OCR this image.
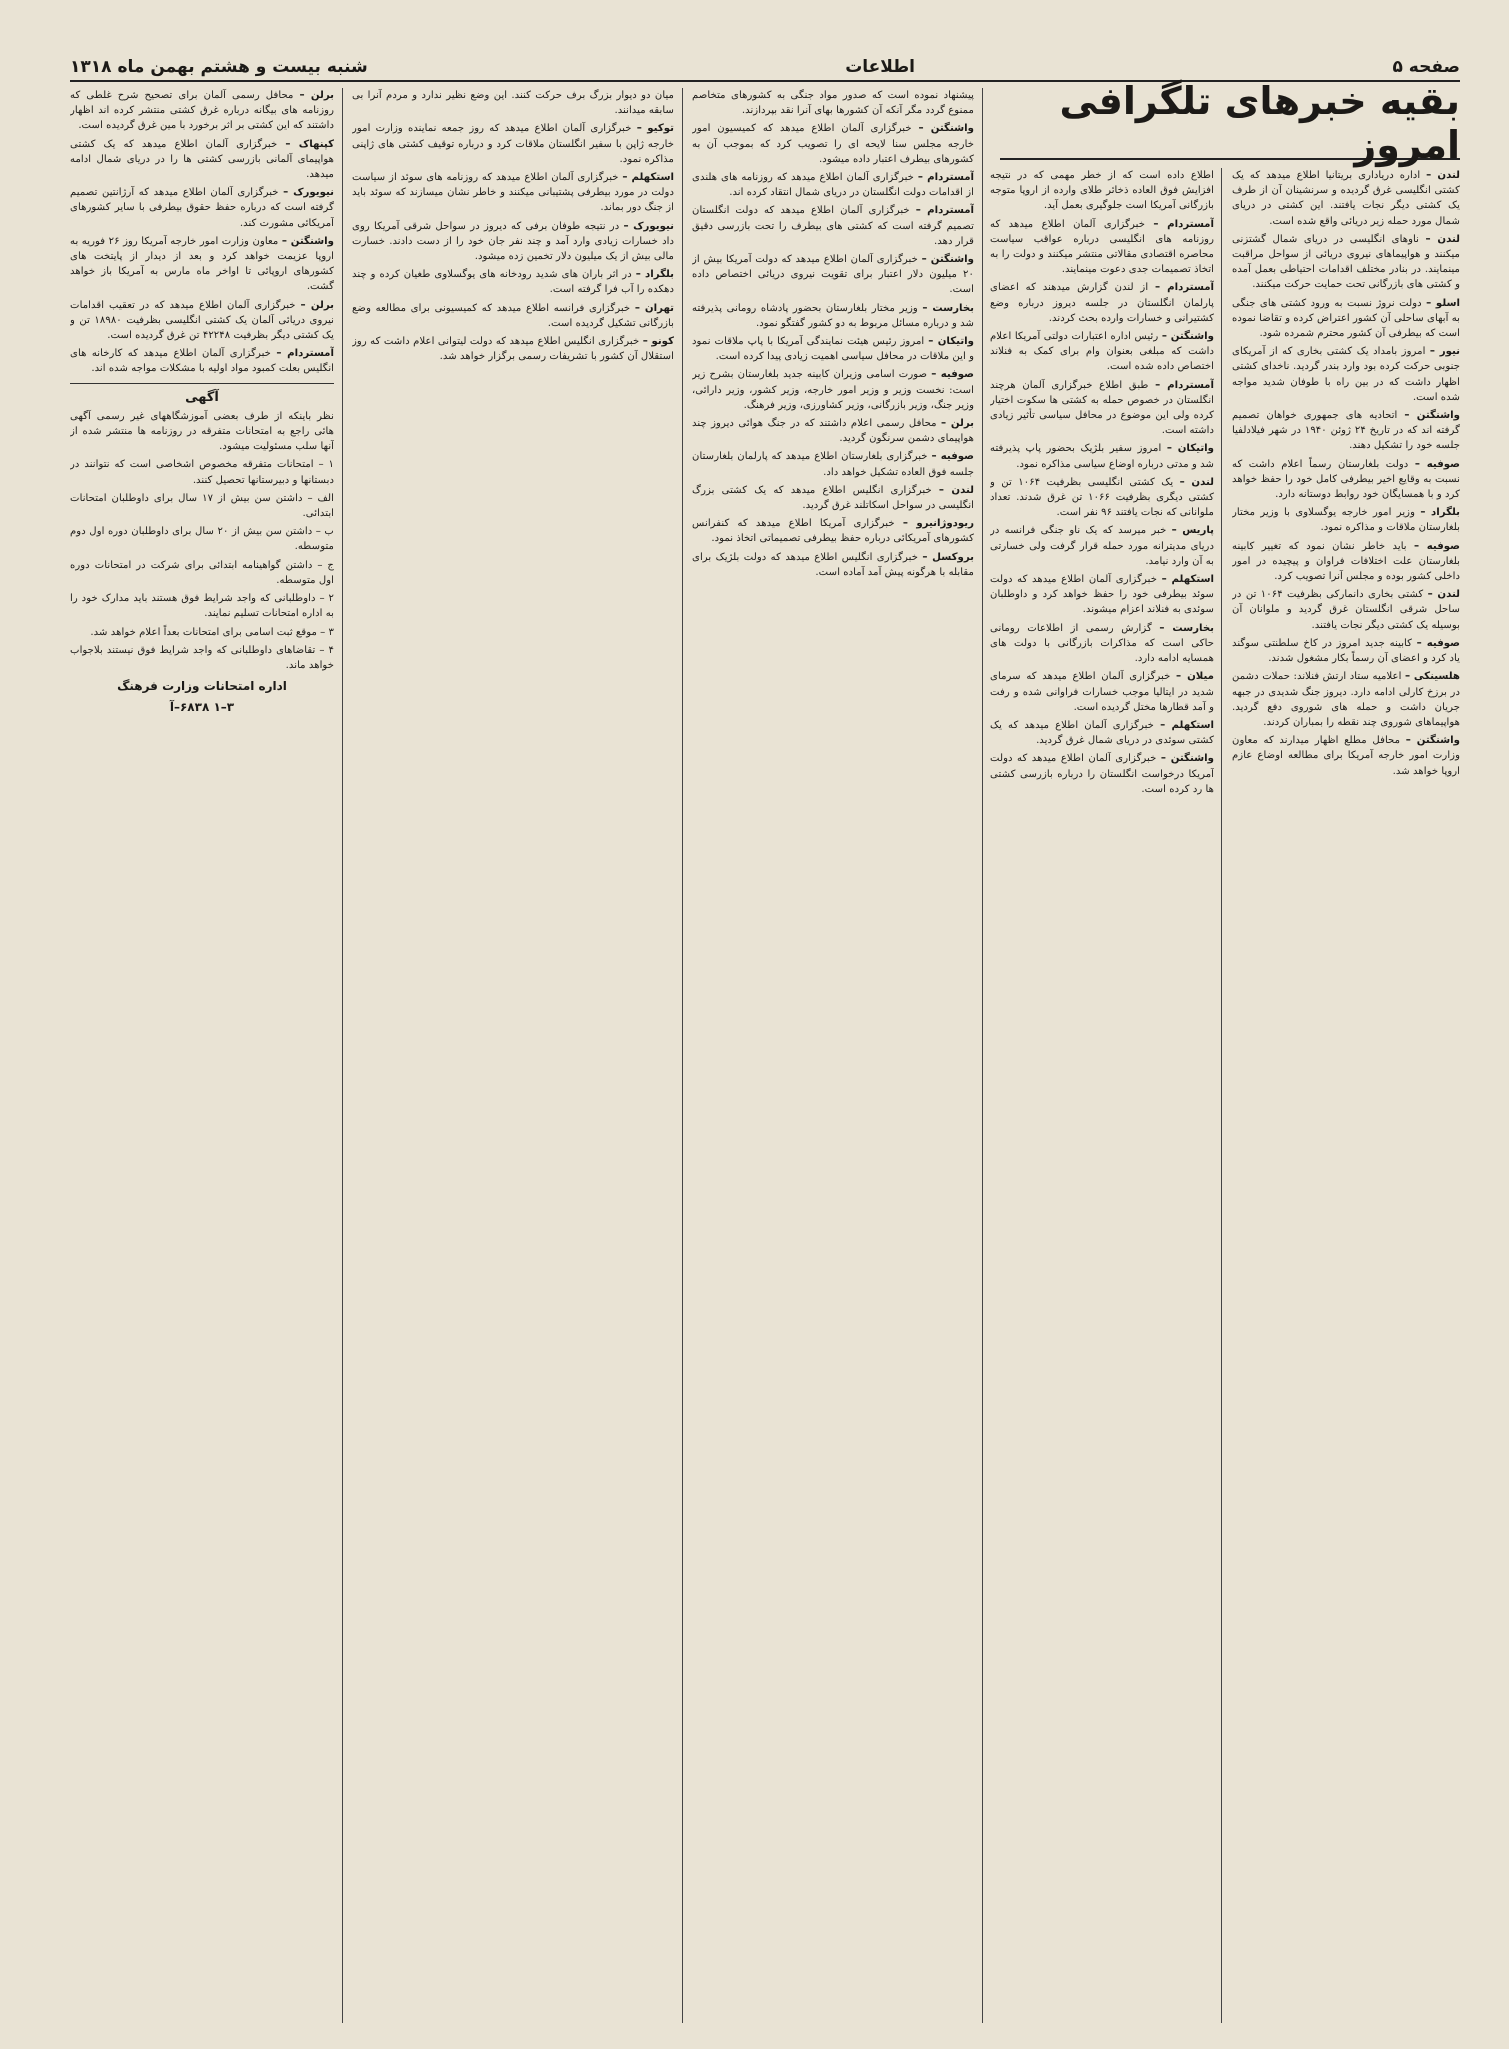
صفحه ۵
اطلاعات
شنبه بیست و هشتم بهمن ماه ۱۳۱۸
بقیه خبرهای تلگرافی امروز

لندن – اداره دریاداری بریتانیا اطلاع میدهد که یک کشتی انگلیسی غرق گردیده و سرنشینان آن از طرف یک کشتی دیگر نجات یافتند. این کشتی در دریای شمال مورد حمله زیر دریائی واقع شده است.

لندن – ناوهای انگلیسی در دریای شمال گشتزنی میکنند و هواپیماهای نیروی دریائی از سواحل مراقبت مینمایند. در بنادر مختلف اقدامات احتیاطی بعمل آمده و کشتی های بازرگانی تحت حمایت حرکت میکنند.

اسلو – دولت نروژ نسبت به ورود کشتی های جنگی به آبهای ساحلی آن کشور اعتراض کرده و تقاضا نموده است که بیطرفی آن کشور محترم شمرده شود.

نیور – امروز بامداد یک کشتی بخاری که از آمریکای جنوبی حرکت کرده بود وارد بندر گردید. ناخدای کشتی اظهار داشت که در بین راه با طوفان شدید مواجه شده است.

واشنگتن – اتحادیه های جمهوری خواهان تصمیم گرفته اند که در تاریخ ۲۴ ژوئن ۱۹۴۰ در شهر فیلادلفیا جلسه خود را تشکیل دهند.

صوفیه – دولت بلغارستان رسماً اعلام داشت که نسبت به وقایع اخیر بیطرفی کامل خود را حفظ خواهد کرد و با همسایگان خود روابط دوستانه دارد.

بلگراد – وزیر امور خارجه یوگسلاوی با وزیر مختار بلغارستان ملاقات و مذاکره نمود.

صوفیه – باید خاطر نشان نمود که تغییر کابینه بلغارستان علت اختلافات فراوان و پیچیده در امور داخلی کشور بوده و مجلس آنرا تصویب کرد.

لندن – کشتی بخاری دانمارکی بظرفیت ۱۰۶۴ تن در ساحل شرقی انگلستان غرق گردید و ملوانان آن بوسیله یک کشتی دیگر نجات یافتند.

صوفیه – کابینه جدید امروز در کاخ سلطنتی سوگند یاد کرد و اعضای آن رسماً بکار مشغول شدند.

هلسینکی – اعلامیه ستاد ارتش فنلاند: حملات دشمن در برزخ کارلی ادامه دارد. دیروز جنگ شدیدی در جبهه جریان داشت و حمله های شوروی دفع گردید. هواپیماهای شوروی چند نقطه را بمباران کردند.

واشنگتن – محافل مطلع اظهار میدارند که معاون وزارت امور خارجه آمریکا برای مطالعه اوضاع عازم اروپا خواهد شد.

اطلاع داده است که از خطر مهمی که در نتیجه افزایش فوق العاده ذخائر طلای وارده از اروپا متوجه بازرگانی آمریکا است جلوگیری بعمل آید.

آمستردام – خبرگزاری آلمان اطلاع میدهد که روزنامه های انگلیسی درباره عواقب سیاست محاصره اقتصادی مقالاتی منتشر میکنند و دولت را به اتخاذ تصمیمات جدی دعوت مینمایند.

آمستردام – از لندن گزارش میدهند که اعضای پارلمان انگلستان در جلسه دیروز درباره وضع کشتیرانی و خسارات وارده بحث کردند.

واشنگتن – رئیس اداره اعتبارات دولتی آمریکا اعلام داشت که مبلغی بعنوان وام برای کمک به فنلاند اختصاص داده شده است.

آمستردام – طبق اطلاع خبرگزاری آلمان هرچند انگلستان در خصوص حمله به کشتی ها سکوت اختیار کرده ولی این موضوع در محافل سیاسی تأثیر زیادی داشته است.

واتیکان – امروز سفیر بلژیک بحضور پاپ پذیرفته شد و مدتی درباره اوضاع سیاسی مذاکره نمود.

لندن – یک کشتی انگلیسی بظرفیت ۱۰۶۴ تن و کشتی دیگری بظرفیت ۱۰۶۶ تن غرق شدند. تعداد ملوانانی که نجات یافتند ۹۶ نفر است.

پاریس – خبر میرسد که یک ناو جنگی فرانسه در دریای مدیترانه مورد حمله قرار گرفت ولی خسارتی به آن وارد نیامد.

استکهلم – خبرگزاری آلمان اطلاع میدهد که دولت سوئد بیطرفی خود را حفظ خواهد کرد و داوطلبان سوئدی به فنلاند اعزام میشوند.

بخارست – گزارش رسمی از اطلاعات رومانی حاکی است که مذاکرات بازرگانی با دولت های همسایه ادامه دارد.

میلان – خبرگزاری آلمان اطلاع میدهد که سرمای شدید در ایتالیا موجب خسارات فراوانی شده و رفت و آمد قطارها مختل گردیده است.

استکهلم – خبرگزاری آلمان اطلاع میدهد که یک کشتی سوئدی در دریای شمال غرق گردید.

واشنگتن – خبرگزاری آلمان اطلاع میدهد که دولت آمریکا درخواست انگلستان را درباره بازرسی کشتی ها رد کرده است.

پیشنهاد نموده است که صدور مواد جنگی به کشورهای متخاصم ممنوع گردد مگر آنکه آن کشورها بهای آنرا نقد بپردازند.

واشنگتن – خبرگزاری آلمان اطلاع میدهد که کمیسیون امور خارجه مجلس سنا لایحه ای را تصویب کرد که بموجب آن به کشورهای بیطرف اعتبار داده میشود.

آمستردام – خبرگزاری آلمان اطلاع میدهد که روزنامه های هلندی از اقدامات دولت انگلستان در دریای شمال انتقاد کرده اند.

آمستردام – خبرگزاری آلمان اطلاع میدهد که دولت انگلستان تصمیم گرفته است که کشتی های بیطرف را تحت بازرسی دقیق قرار دهد.

واشنگتن – خبرگزاری آلمان اطلاع میدهد که دولت آمریکا بیش از ۲۰ میلیون دلار اعتبار برای تقویت نیروی دریائی اختصاص داده است.

بخارست – وزیر مختار بلغارستان بحضور پادشاه رومانی پذیرفته شد و درباره مسائل مربوط به دو کشور گفتگو نمود.

واتیکان – امروز رئیس هیئت نمایندگی آمریکا با پاپ ملاقات نمود و این ملاقات در محافل سیاسی اهمیت زیادی پیدا کرده است.

صوفیه – صورت اسامی وزیران کابینه جدید بلغارستان بشرح زیر است: نخست وزیر و وزیر امور خارجه، وزیر کشور، وزیر دارائی، وزیر جنگ، وزیر بازرگانی، وزیر کشاورزی، وزیر فرهنگ.

برلن – محافل رسمی اعلام داشتند که در جنگ هوائی دیروز چند هواپیمای دشمن سرنگون گردید.

صوفیه – خبرگزاری بلغارستان اطلاع میدهد که پارلمان بلغارستان جلسه فوق العاده تشکیل خواهد داد.

لندن – خبرگزاری انگلیس اطلاع میدهد که یک کشتی بزرگ انگلیسی در سواحل اسکاتلند غرق گردید.

ریودوژانیرو – خبرگزاری آمریکا اطلاع میدهد که کنفرانس کشورهای آمریکائی درباره حفظ بیطرفی تصمیماتی اتخاذ نمود.

بروکسل – خبرگزاری انگلیس اطلاع میدهد که دولت بلژیک برای مقابله با هرگونه پیش آمد آماده است.

میان دو دیوار بزرگ برف حرکت کنند. این وضع نظیر ندارد و مردم آنرا بی سابقه میدانند.

توکیو – خبرگزاری آلمان اطلاع میدهد که روز جمعه نماینده وزارت امور خارجه ژاپن با سفیر انگلستان ملاقات کرد و درباره توقیف کشتی های ژاپنی مذاکره نمود.

استکهلم – خبرگزاری آلمان اطلاع میدهد که روزنامه های سوئد از سیاست دولت در مورد بیطرفی پشتیبانی میکنند و خاطر نشان میسازند که سوئد باید از جنگ دور بماند.

نیویورک – در نتیجه طوفان برفی که دیروز در سواحل شرقی آمریکا روی داد خسارات زیادی وارد آمد و چند نفر جان خود را از دست دادند. خسارت مالی بیش از یک میلیون دلار تخمین زده میشود.

بلگراد – در اثر باران های شدید رودخانه های یوگسلاوی طغیان کرده و چند دهکده را آب فرا گرفته است.

تهران – خبرگزاری فرانسه اطلاع میدهد که کمیسیونی برای مطالعه وضع بازرگانی تشکیل گردیده است.

کونو – خبرگزاری انگلیس اطلاع میدهد که دولت لیتوانی اعلام داشت که روز استقلال آن کشور با تشریفات رسمی برگزار خواهد شد.

برلن – محافل رسمی آلمان برای تصحیح شرح غلطی که روزنامه های بیگانه درباره غرق کشتی منتشر کرده اند اظهار داشتند که این کشتی بر اثر برخورد با مین غرق گردیده است.

کپنهاک – خبرگزاری آلمان اطلاع میدهد که یک کشتی هواپیمای آلمانی بازرسی کشتی ها را در دریای شمال ادامه میدهد.

نیویورک – خبرگزاری آلمان اطلاع میدهد که آرژانتین تصمیم گرفته است که درباره حفظ حقوق بیطرفی با سایر کشورهای آمریکائی مشورت کند.

واشنگتن – معاون وزارت امور خارجه آمریکا روز ۲۶ فوریه به اروپا عزیمت خواهد کرد و بعد از دیدار از پایتخت های کشورهای اروپائی تا اواخر ماه مارس به آمریکا باز خواهد گشت.

برلن – خبرگزاری آلمان اطلاع میدهد که در تعقیب اقدامات نیروی دریائی آلمان یک کشتی انگلیسی بظرفیت ۱۸۹۸۰ تن و یک کشتی دیگر بظرفیت ۴۲۲۴۸ تن غرق گردیده است.

آمستردام – خبرگزاری آلمان اطلاع میدهد که کارخانه های انگلیس بعلت کمبود مواد اولیه با مشکلات مواجه شده اند.

آگهی

نظر باینکه از طرف بعضی آموزشگاههای غیر رسمی آگهی هائی راجع به امتحانات متفرقه در روزنامه ها منتشر شده از آنها سلب مسئولیت میشود.

۱ – امتحانات متفرقه مخصوص اشخاصی است که نتوانند در دبستانها و دبیرستانها تحصیل کنند.

الف – داشتن سن بیش از ۱۷ سال برای داوطلبان امتحانات ابتدائی.

ب – داشتن سن بیش از ۲۰ سال برای داوطلبان دوره اول دوم متوسطه.

ج – داشتن گواهینامه ابتدائی برای شرکت در امتحانات دوره اول متوسطه.

۲ – داوطلبانی که واجد شرایط فوق هستند باید مدارک خود را به اداره امتحانات تسلیم نمایند.

۳ – موقع ثبت اسامی برای امتحانات بعداً اعلام خواهد شد.

۴ – تقاضاهای داوطلبانی که واجد شرایط فوق نیستند بلاجواب خواهد ماند.

اداره امتحانات وزارت فرهنگ
۳–۱ ۶۸۳۸–آ
